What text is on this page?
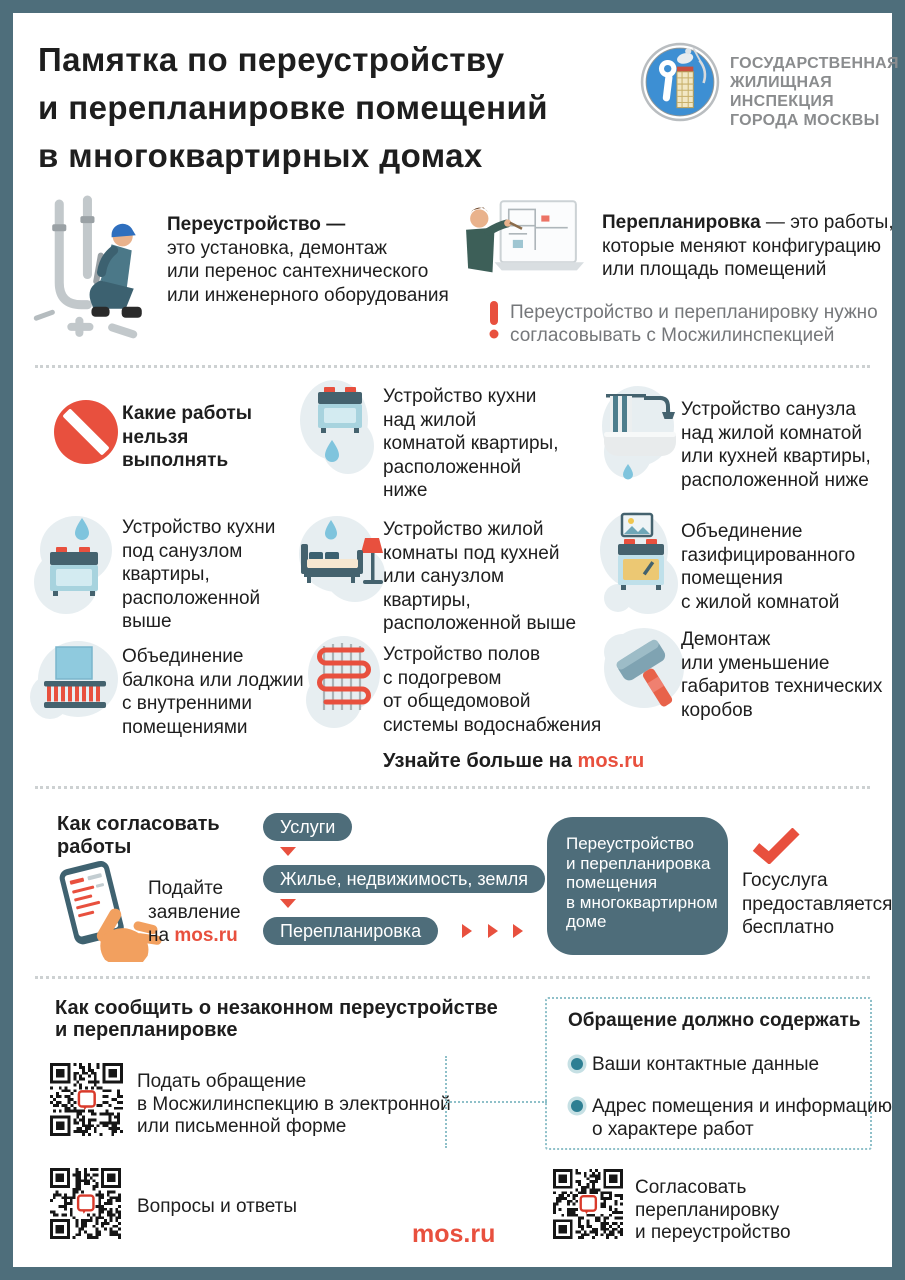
Памятка по переустройству
и перепланировке помещений
в многоквартирных домах
ГОСУДАРСТВЕННАЯ
ЖИЛИЩНАЯ
ИНСПЕКЦИЯ
ГОРОДА МОСКВЫ
Переустройство —
это установка, демонтаж
или перенос сантехнического
или инженерного оборудования
Перепланировка — это работы,
которые меняют конфигурацию
или площадь помещений
Переустройство и перепланировку нужно
согласовывать с Мосжилинспекцией
Какие работы
нельзя
выполнять
Устройство кухни
над жилой
комнатой квартиры,
расположенной
ниже
Устройство санузла
над жилой комнатой
или кухней квартиры,
расположенной ниже
Устройство кухни
под санузлом
квартиры,
расположенной
выше
Устройство жилой
комнаты под кухней
или санузлом
квартиры,
расположенной выше
Объединение
газифицированного
помещения
с жилой комнатой
Объединение
балкона или лоджии
с внутренними
помещениями
Устройство полов
с подогревом
от общедомовой
системы водоснабжения
Демонтаж
или уменьшение
габаритов технических
коробов
Узнайте больше на mos.ru
Как согласовать
работы
Подайте
заявление
на mos.ru
Услуги
Жилье, недвижимость, земля
Перепланировка
Переустройство
и перепланировка
помещения
в многоквартирном
доме
Госуслуга
предоставляется
бесплатно
Как сообщить о незаконном переустройстве
и перепланировке
Подать обращение
в Мосжилинспекцию в электронной
или письменной форме
Обращение должно содержать
Ваши контактные данные
Адрес помещения и информацию
о характере работ
Вопросы и ответы
Согласовать
перепланировку
и переустройство
mos.ru
